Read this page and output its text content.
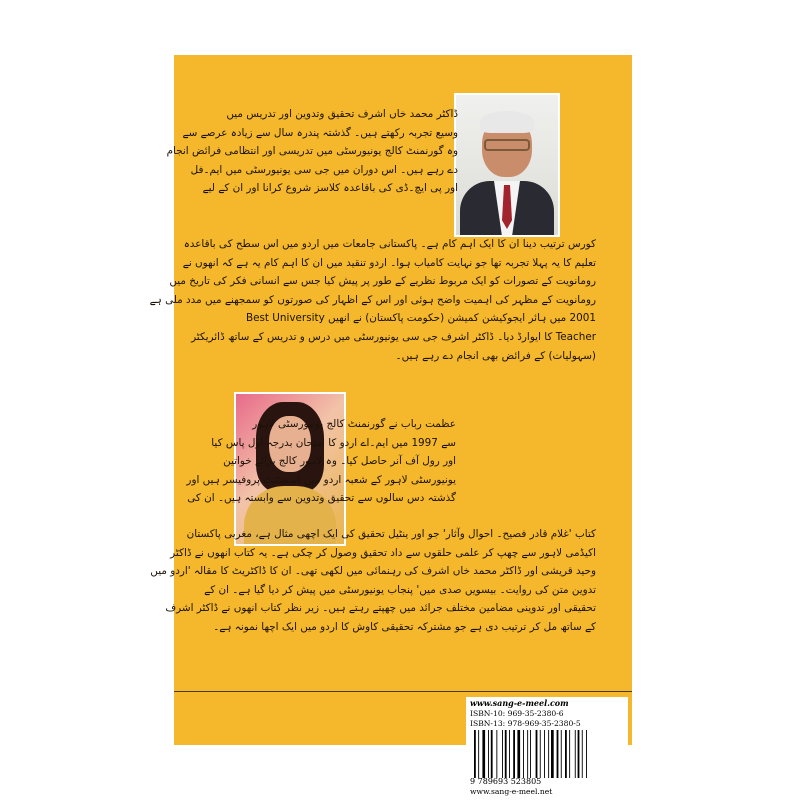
ڈاکٹر محمد خاں اشرف تحقیق وتدوین اور تدریس میں
وسیع تجربہ رکھتے ہیں۔ گذشتہ پندرہ سال سے زیادہ عرصے سے
وہ گورنمنٹ کالج یونیورسٹی میں تدریسی اور انتظامی فرائض انجام
دے رہے ہیں۔ اس دوران میں جی سی یونیورسٹی میں ایم۔فل
اور پی ایچ۔ڈی کی باقاعدہ کلاسز شروع کرانا اور ان کے لیے
کورس ترتیب دینا ان کا ایک اہم کام ہے۔ پاکستانی جامعات میں اردو میں اس سطح کی باقاعدہ
تعلیم کا یہ پہلا تجربہ تھا جو نہایت کامیاب ہوا۔ اردو تنقید میں ان کا اہم کام یہ ہے کہ انھوں نے
رومانویت کے تصورات کو ایک مربوط نظریے کے طور پر پیش کیا جس سے انسانی فکر کی تاریخ میں
رومانویت کے مظہر کی اہمیت واضح ہوئی اور اس کے اظہار کی صورتوں کو سمجھنے میں مدد ملی ہے
2001 میں ہائر ایجوکیشن کمیشن (حکومت پاکستان) نے انھیں Best University
Teacher کا ایوارڈ دیا۔ ڈاکٹر اشرف جی سی یونیورسٹی میں درس و تدریس کے ساتھ ڈائریکٹر
(سہولیات) کے فرائض بھی انجام دے رہے ہیں۔
عظمت رباب نے گورنمنٹ کالج یونیورسٹی لاہور
سے 1997 میں ایم۔اے اردو کا امتحان بدرجہ اول پاس کیا
اور رول آف آنر حاصل کیا۔ وہ لاہور کالج برائے خواتین
یونیورسٹی لاہور کے شعبہ اردو میں اسسٹنٹ پروفیسر ہیں اور
گذشتہ دس سالوں سے تحقیق وتدوین سے وابستہ ہیں۔ ان کی
کتاب 'غلام قادر فصیح۔ احوال وآثار' جو اور ینٹیل تحقیق کی ایک اچھی مثال ہے، مغربی پاکستان
اکیڈمی لاہور سے چھپ کر علمی حلقوں سے داد تحقیق وصول کر چکی ہے۔ یہ کتاب انھوں نے ڈاکٹر
وحید قریشی اور ڈاکٹر محمد خاں اشرف کی رہنمائی میں لکھی تھی۔ ان کا ڈاکٹریٹ کا مقالہ 'اردو میں
تدوین متن کی روایت۔ بیسویں صدی میں' پنجاب یونیورسٹی میں پیش کر دیا گیا ہے۔ ان کے
تحقیقی اور تدوینی مضامین مختلف جرائد میں چھپتے رہتے ہیں۔ زیر نظر کتاب انھوں نے ڈاکٹر اشرف
کے ساتھ مل کر ترتیب دی ہے جو مشترکہ تحقیقی کاوش کا اردو میں ایک اچھا نمونہ ہے۔
www.sang-e-meel.com
ISBN-10: 969-35-2380-6
ISBN-13: 978-969-35-2380-5
9 789693 523805
www.sang-e-meel.net
